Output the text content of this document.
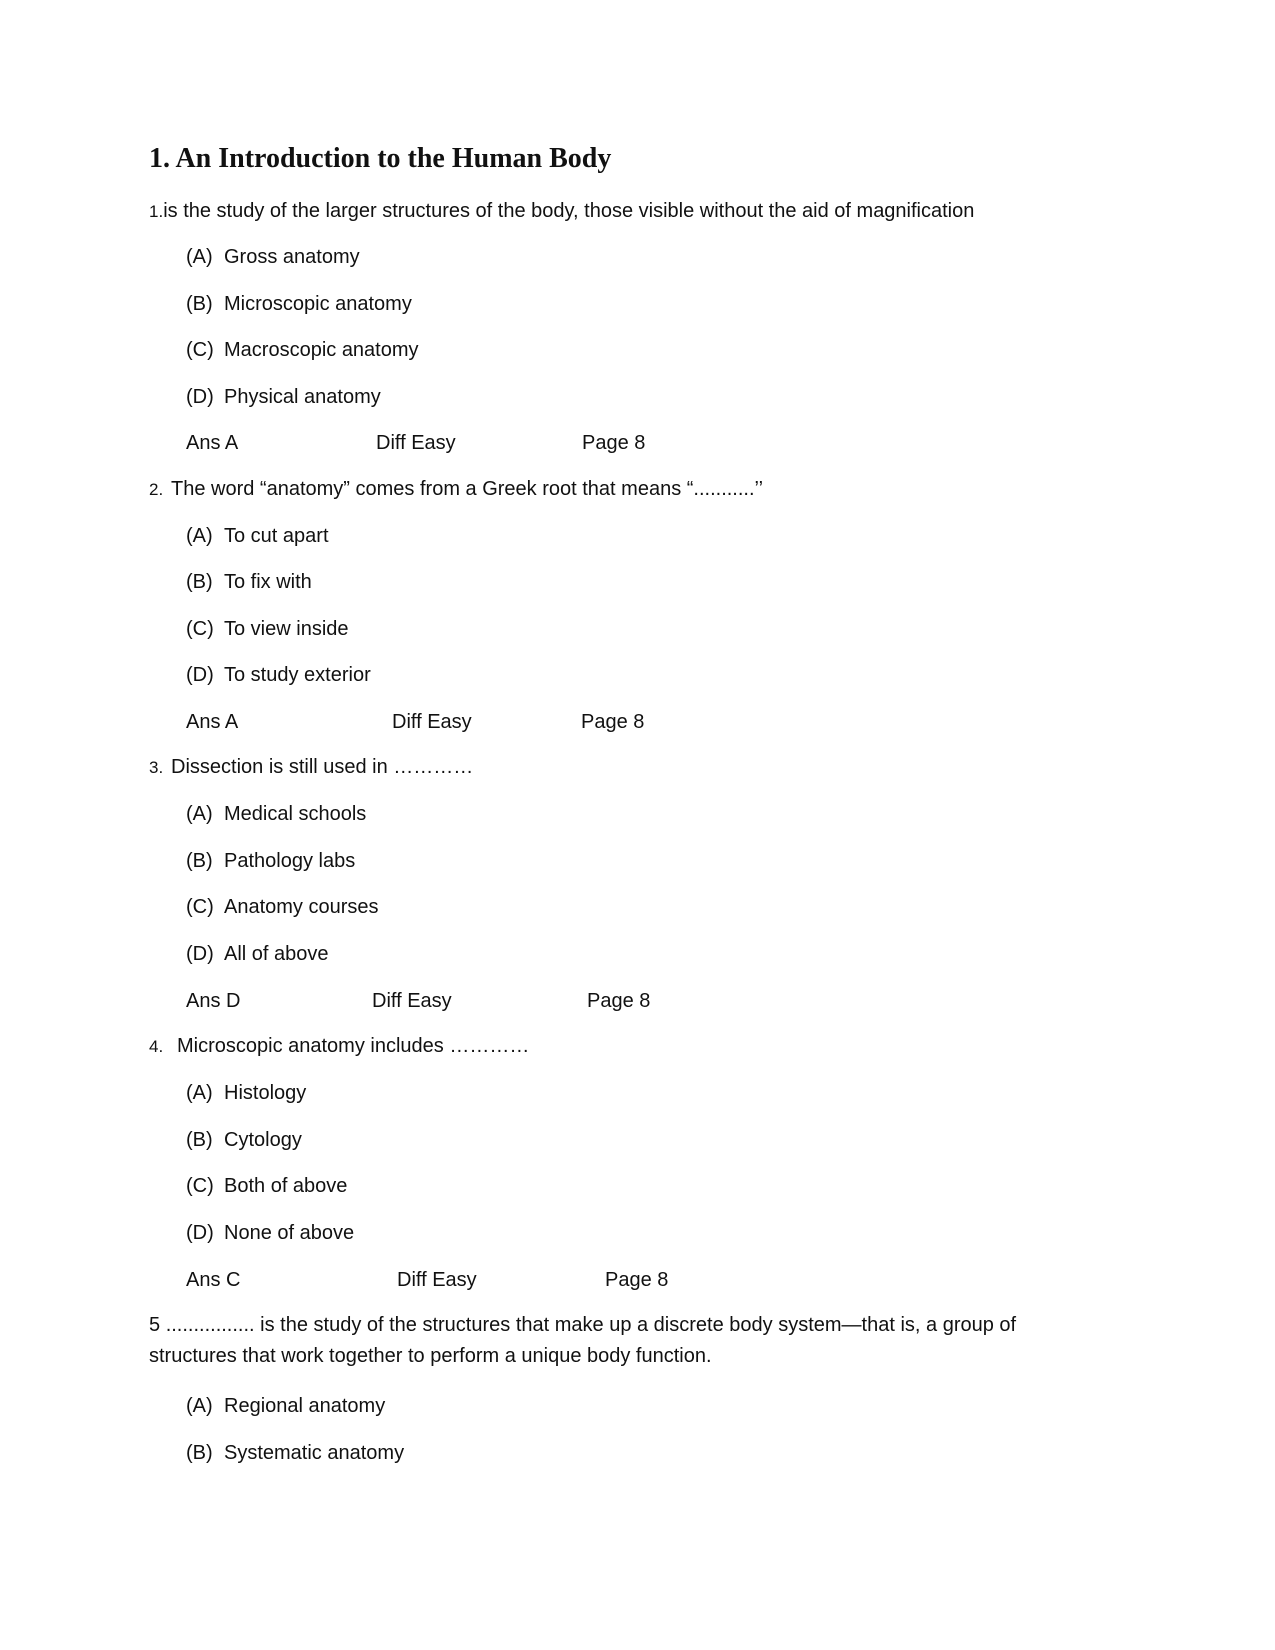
1. An Introduction to the Human Body
1.is the study of the larger structures of the body, those visible without the aid of magnification
(A) Gross anatomy
(B) Microscopic anatomy
(C) Macroscopic anatomy
(D) Physical anatomy
Ans A	Diff Easy	Page 8
2. The word “anatomy” comes from a Greek root that means “...........’’
(A) To cut apart
(B) To fix with
(C) To view inside
(D) To study exterior
Ans A	Diff Easy	Page 8
3. Dissection is still used in …………
(A) Medical schools
(B) Pathology labs
(C) Anatomy courses
(D) All of above
Ans D	Diff Easy	Page 8
4. Microscopic anatomy includes …………
(A) Histology
(B) Cytology
(C) Both of above
(D) None of above
Ans C	Diff Easy	Page 8
5 ................ is the study of the structures that make up a discrete body system—that is, a group of structures that work together to perform a unique body function.
(A) Regional anatomy
(B) Systematic anatomy
